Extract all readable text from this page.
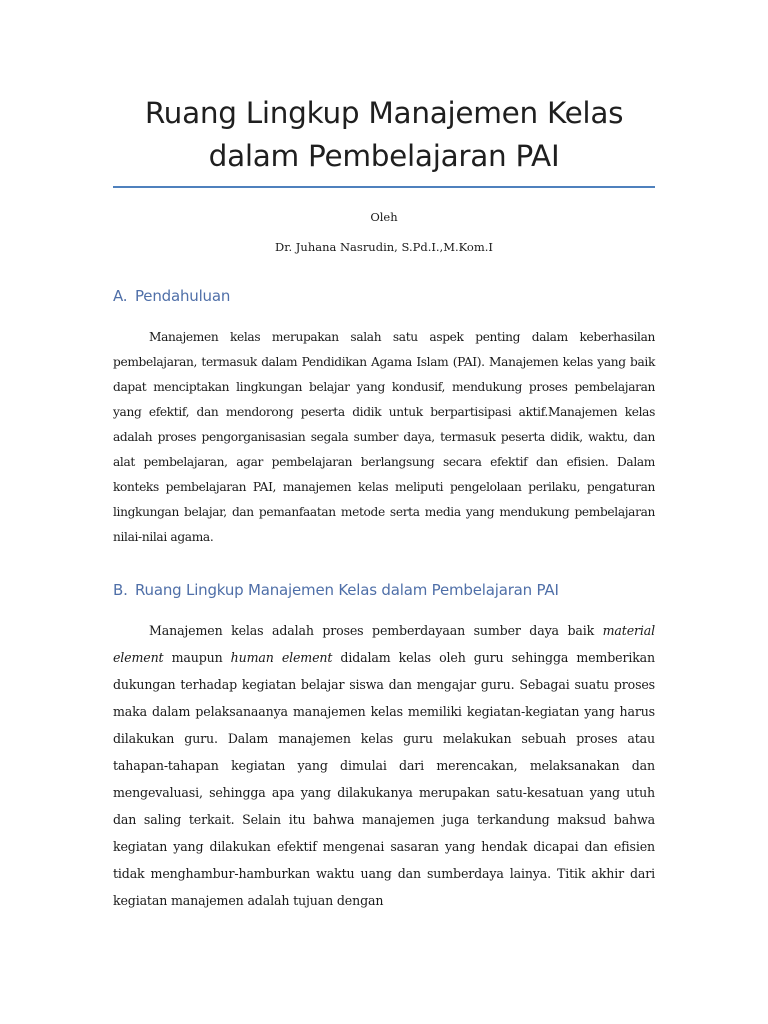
Ruang Lingkup Manajemen Kelas dalam Pembelajaran PAI

Oleh

Dr. Juhana Nasrudin, S.Pd.I.,M.Kom.I

A. Pendahuluan

Manajemen kelas merupakan salah satu aspek penting dalam keberhasilan pembelajaran, termasuk dalam Pendidikan Agama Islam (PAI). Manajemen kelas yang baik dapat menciptakan lingkungan belajar yang kondusif, mendukung proses pembelajaran yang efektif, dan mendorong peserta didik untuk berpartisipasi aktif.Manajemen kelas adalah proses pengorganisasian segala sumber daya, termasuk peserta didik, waktu, dan alat pembelajaran, agar pembelajaran berlangsung secara efektif dan efisien. Dalam konteks pembelajaran PAI, manajemen kelas meliputi pengelolaan perilaku, pengaturan lingkungan belajar, dan pemanfaatan metode serta media yang mendukung pembelajaran nilai-nilai agama.

B. Ruang Lingkup Manajemen Kelas dalam Pembelajaran PAI

Manajemen kelas adalah proses pemberdayaan sumber daya baik material element maupun human element didalam kelas oleh guru sehingga memberikan dukungan terhadap kegiatan belajar siswa dan mengajar guru. Sebagai suatu proses maka dalam pelaksanaanya manajemen kelas memiliki kegiatan-kegiatan yang harus dilakukan guru. Dalam manajemen kelas guru melakukan sebuah proses atau tahapan-tahapan kegiatan yang dimulai dari merencakan, melaksanakan dan mengevaluasi, sehingga apa yang dilakukanya merupakan satu-kesatuan yang utuh dan saling terkait. Selain itu bahwa manajemen juga terkandung maksud bahwa kegiatan yang dilakukan efektif mengenai sasaran yang hendak dicapai dan efisien tidak menghambur-hamburkan waktu uang dan sumberdaya lainya. Titik akhir dari kegiatan manajemen adalah tujuan dengan
